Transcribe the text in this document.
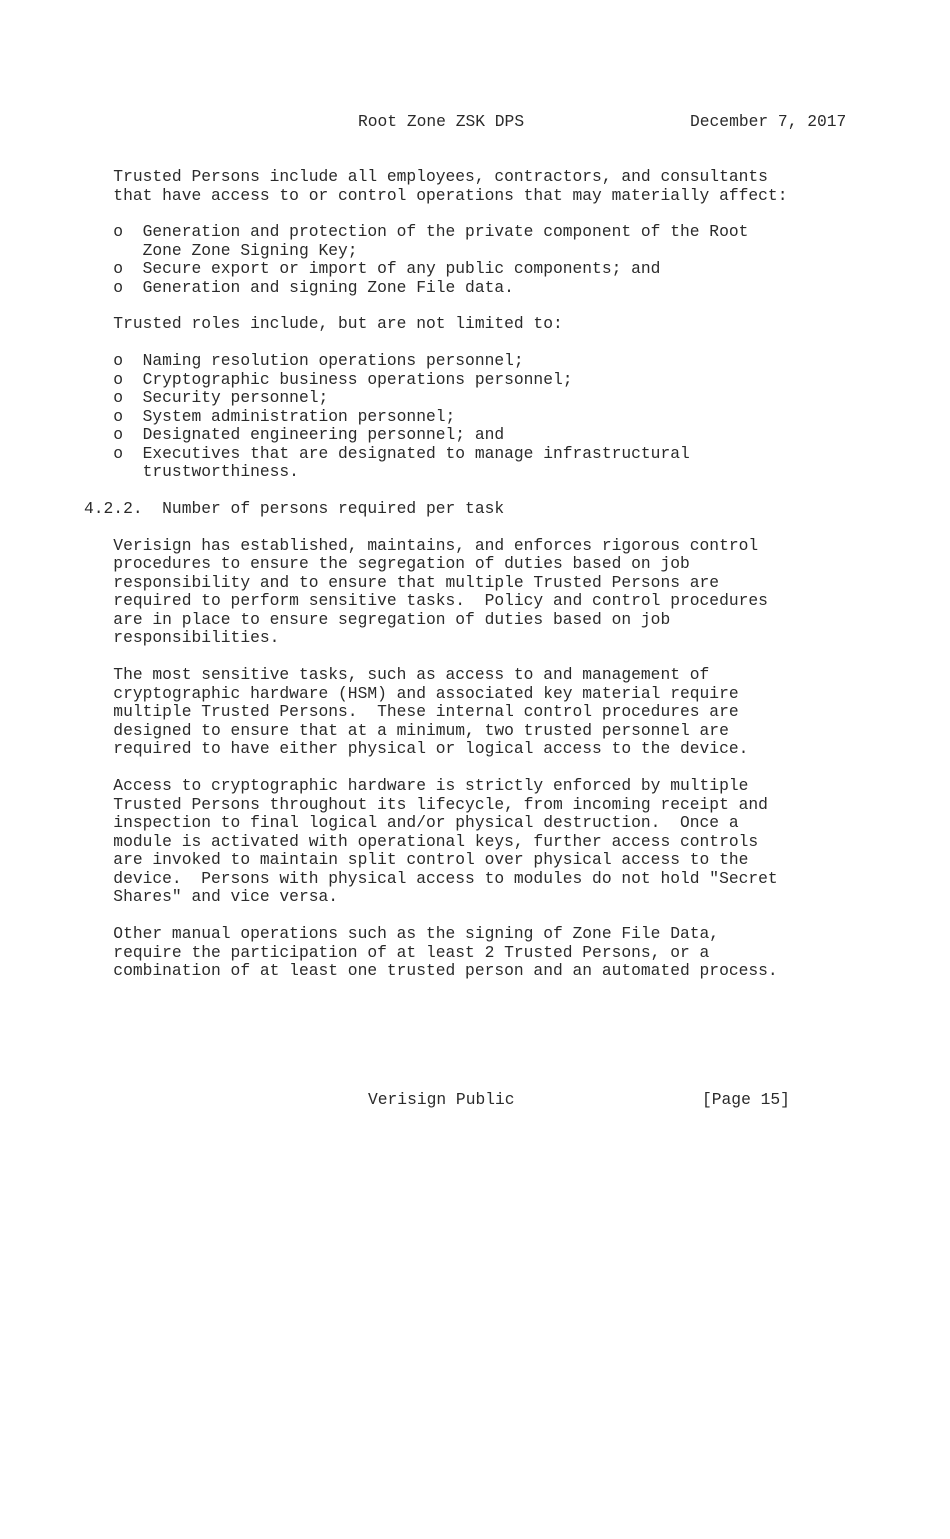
Root Zone ZSK DPS

	December 7, 2017

Trusted Persons include all employees, contractors, and consultants

that have access to or control operations that may materially affect:

o  Generation and protection of the private component of the Root

Zone Zone Signing Key;

o  Secure export or import of any public components; and

o  Generation and signing Zone File data.

Trusted roles include, but are not limited to:

o  Naming resolution operations personnel;

o  Cryptographic business operations personnel;

o  Security personnel;

o  System administration personnel;

o  Designated engineering personnel; and

o  Executives that are designated to manage infrastructural

trustworthiness.

4.2.2.  Number of persons required per task

Verisign has established, maintains, and enforces rigorous control

procedures to ensure the segregation of duties based on job

responsibility and to ensure that multiple Trusted Persons are

required to perform sensitive tasks.  Policy and control procedures

are in place to ensure segregation of duties based on job

responsibilities.

The most sensitive tasks, such as access to and management of

cryptographic hardware (HSM) and associated key material require

multiple Trusted Persons.  These internal control procedures are

designed to ensure that at a minimum, two trusted personnel are

required to have either physical or logical access to the device.

Access to cryptographic hardware is strictly enforced by multiple

Trusted Persons throughout its lifecycle, from incoming receipt and

inspection to final logical and/or physical destruction.  Once a

module is activated with operational keys, further access controls

are invoked to maintain split control over physical access to the

device.  Persons with physical access to modules do not hold "Secret

Shares" and vice versa.

Other manual operations such as the signing of Zone File Data,

require the participation of at least 2 Trusted Persons, or a

combination of at least one trusted person and an automated process.

Verisign Public

	[Page 15]
